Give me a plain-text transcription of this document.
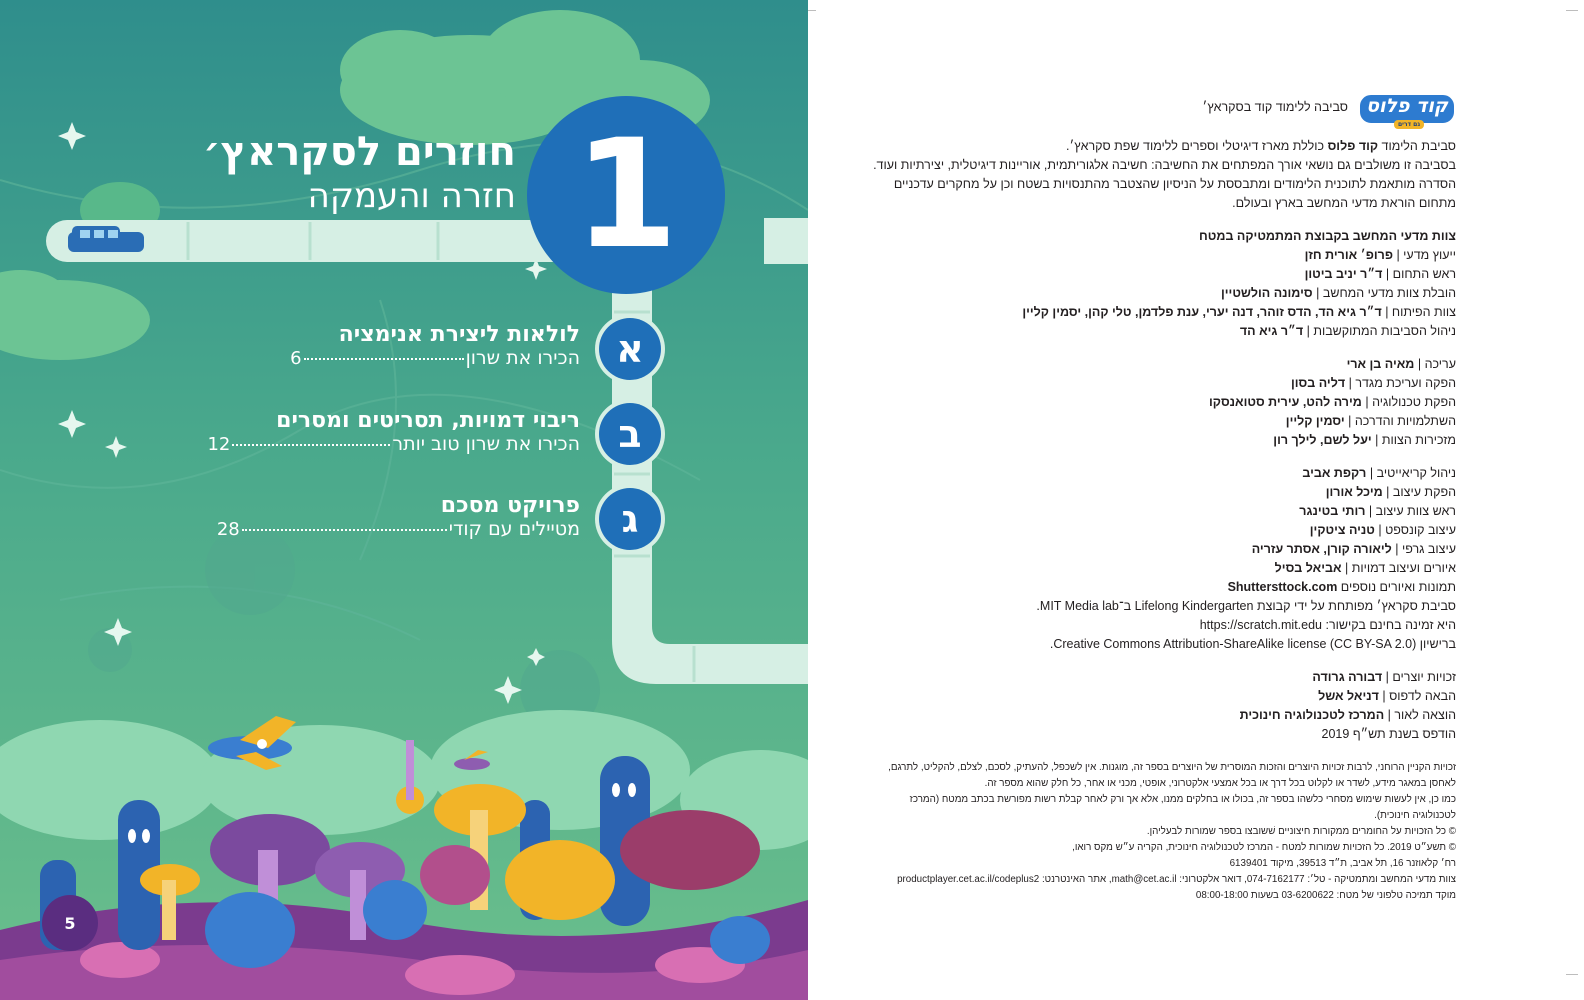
חוזרים לסקראץ׳
חזרה והעמקה 1
א
לולאות ליצירת אנימציה
הכירו את שרון
6
ב
ריבוי דמויות, תסריטים ומסרים
הכירו את שרון טוב יותר
12
ג
פרויקט מסכם
מטיילים עם קודי
28
5
קוד פלוס
גם דרים
סביבה ללימוד קוד בסקראץ׳
סביבת הלימוד קוד פלוס כוללת מארז דיגיטלי וספרים ללימוד שפת סקראץ׳.
בסביבה זו משולבים גם נושאי אורך המפתחים את החשיבה: חשיבה אלגוריתמית, אוריינות דיגיטלית, יצירתיות ועוד.
הסדרה מותאמת לתוכנית הלימודים ומתבססת על הניסיון שהצטבר מהתנסויות בשטח וכן על מחקרים עדכניים
מתחום הוראת מדעי המחשב בארץ ובעולם.
צוות מדעי המחשב בקבוצת המתמטיקה במטח
ייעוץ מדעי | פרופ׳ אורית חזן
ראש התחום | ד״ר יניב ביטון
הובלת צוות מדעי המחשב | סימונה הולשטיין
צוות הפיתוח | ד״ר גיא הד, הדס זוהר, דנה יערי, ענת פלדמן, טלי קהן, יסמין קליין
ניהול הסביבות המתוקשבות | ד״ר גיא הד
עריכה | מאיה בן ארי
הפקה ועריכת מגדר | דליה בסון
הפקת טכנולוגיה | מירה להט, עירית סטואנסקו
השתלמויות והדרכה | יסמין קליין
מזכירות הצוות | יעל לשם, לילך רון
ניהול קריאייטיב | רקפת אביב
הפקת עיצוב | מיכל אורון
ראש צוות עיצוב | רותי בטינגר
עיצוב קונספט | טניה ציטקין
עיצוב גרפי | ליאורה קורן, אסתר עזריה
איורים ועיצוב דמויות | אביאל בסיל
תמונות ואיורים נוספים Shuttersttock.com
סביבת סקראץ׳ מפותחת על ידי קבוצת Lifelong Kindergarten ב־MIT Media lab.
היא זמינה בחינם בקישור: https://scratch.mit.edu
ברישיון Creative Commons Attribution-ShareAlike license (CC BY-SA 2.0).
זכויות יוצרים | דבורה גרודה
הבאה לדפוס | דניאל אשל
הוצאה לאור | המרכז לטכנולוגיה חינוכית
הודפס בשנת תש״ף 2019
זכויות הקניין הרוחני, לרבות זכויות היוצרים והזכות המוסרית של היוצרים בספר זה, מוגנות. אין לשכפל, להעתיק, לסכם, לצלם, להקליט, לתרגם,
לאחסן במאגר מידע, לשדר או לקלוט בכל דרך או בכל אמצעי אלקטרוני, אופטי, מכני או אחר, כל חלק שהוא מספר זה.
כמו כן, אין לעשות שימוש מסחרי כלשהו בספר זה, בכולו או בחלקים ממנו, אלא אך ורק לאחר קבלת רשות מפורשת בכתב ממטח (המרכז
לטכנולוגיה חינוכית).
© כל הזכויות על החומרים ממקורות חיצוניים שׁשובצו בספר שמורות לבעליהן.
© תשע״ט 2019. כל הזכויות שמורות למטח - המרכז לטכנולוגיה חינוכית, הקריה ע״ש מקס רואו,
רח׳ קלאוזנר 16, תל אביב, ת״ד 39513, מיקוד 6139401
צוות מדעי המחשב ומתמטיקה - טל׳: 074-7162177, דואר אלקטרוני: math@cet.ac.il, אתר האינטרנט: productplayer.cet.ac.il/codeplus2
מוקד תמיכה טלפוני של מטח: 03-6200622 בשעות 08:00-18:00
